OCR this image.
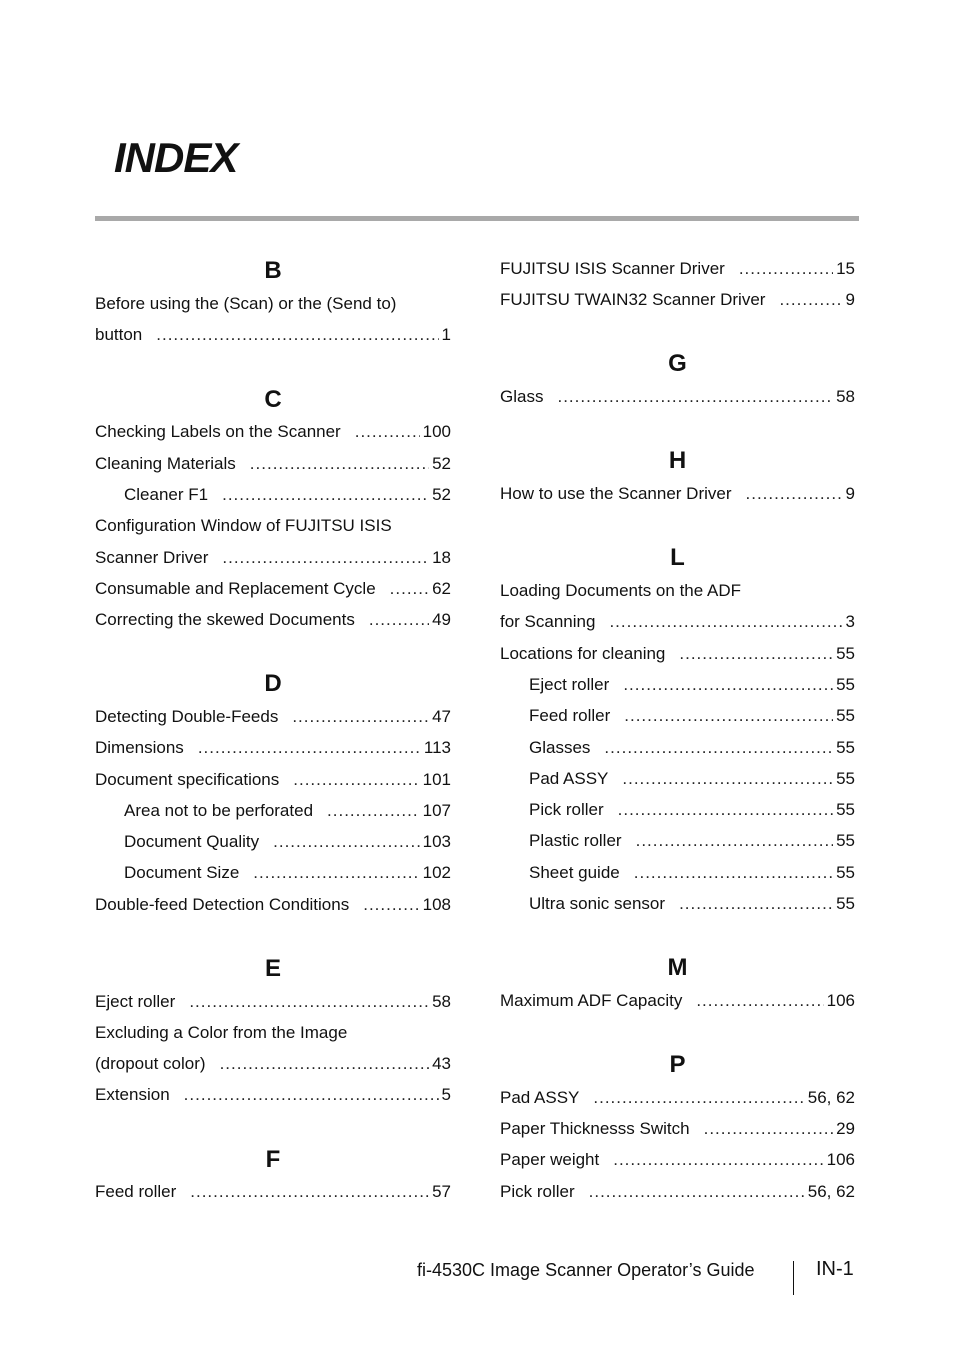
INDEX
B
Before using the (Scan) or the (Send to)
button .....	1
C
Checking Labels on the Scanner .....	100
Cleaning Materials .....	52
Cleaner F1 .....	52
Configuration Window of FUJITSU ISIS
Scanner Driver .....	18
Consumable and Replacement Cycle .....	62
Correcting the skewed Documents .....	49
D
Detecting Double-Feeds .....	47
Dimensions .....	113
Document specifications .....	101
Area not to be perforated .....	107
Document Quality .....	103
Document Size .....	102
Double-feed Detection Conditions .....	108
E
Eject roller .....	58
Excluding a Color from the Image
(dropout color) .....	43
Extension .....	5
F
Feed roller .....	57
FUJITSU ISIS Scanner Driver .....	15
FUJITSU TWAIN32 Scanner Driver .....	9
G
Glass .....	58
H
How to use the Scanner Driver .....	9
L
Loading Documents on the ADF
for Scanning .....	3
Locations for cleaning .....	55
Eject roller .....	55
Feed roller .....	55
Glasses .....	55
Pad ASSY .....	55
Pick roller .....	55
Plastic roller .....	55
Sheet guide .....	55
Ultra sonic sensor .....	55
M
Maximum ADF Capacity .....	106
P
Pad ASSY .....	56, 62
Paper Thicknesss Switch .....	29
Paper weight .....	106
Pick roller .....	56, 62
fi-4530C Image Scanner Operator’s Guide	IN-1
